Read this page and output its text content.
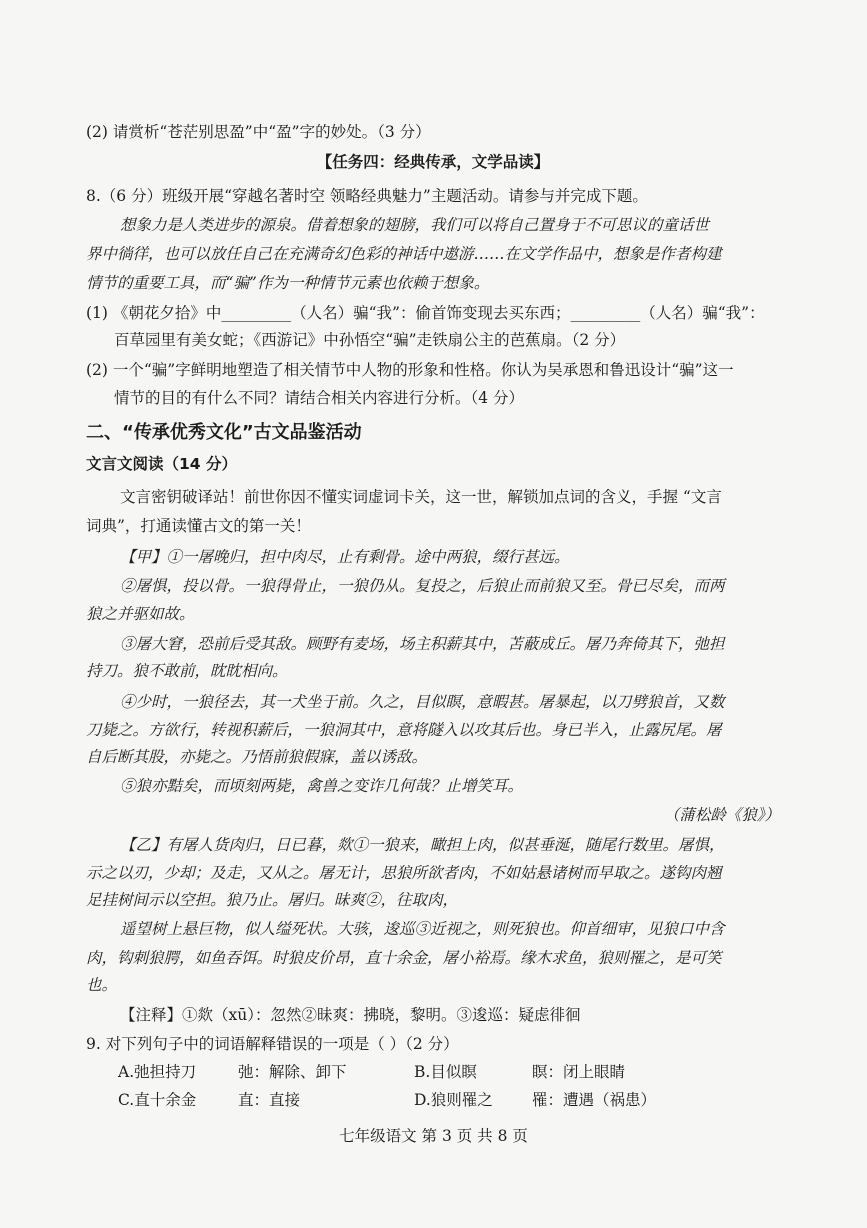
(2) 请赏析“苍茫别思盈”中“盈”字的妙处。（3 分）
【任务四：经典传承，文学品读】
8.（6 分）班级开展“穿越名著时空 领略经典魅力”主题活动。请参与并完成下题。
想象力是人类进步的源泉。借着想象的翅膀，我们可以将自己置身于不可思议的童话世
界中徜徉，也可以放任自己在充满奇幻色彩的神话中遨游……在文学作品中，想象是作者构建
情节的重要工具，而“骗”作为一种情节元素也依赖于想象。
(1) 《朝花夕拾》中_________（人名）骗“我”：偷首饰变现去买东西；_________（人名）骗“我”：
百草园里有美女蛇；《西游记》中孙悟空“骗”走铁扇公主的芭蕉扇。（2 分）
(2) 一个“骗”字鲜明地塑造了相关情节中人物的形象和性格。你认为吴承恩和鲁迅设计“骗”这一
情节的目的有什么不同？请结合相关内容进行分析。（4 分）
二、“传承优秀文化”古文品鉴活动
文言文阅读（14 分）
文言密钥破译站！前世你因不懂实词虚词卡关，这一世，解锁加点词的含义，手握 “文言
词典”，打通读懂古文的第一关！
【甲】①一屠晚归，担中肉尽，止有剩骨。途中两狼，缀行甚远。
②屠惧，投以骨。一狼得骨止，一狼仍从。复投之，后狼止而前狼又至。骨已尽矣，而两
狼之并驱如故。
③屠大窘，恐前后受其敌。顾野有麦场，场主积薪其中，苫蔽成丘。屠乃奔倚其下，弛担
持刀。狼不敢前，眈眈相向。
④少时，一狼径去，其一犬坐于前。久之，目似瞑，意暇甚。屠暴起，以刀劈狼首，又数
刀毙之。方欲行，转视积薪后，一狼洞其中，意将隧入以攻其后也。身已半入，止露尻尾。屠
自后断其股，亦毙之。乃悟前狼假寐，盖以诱敌。
⑤狼亦黠矣，而顷刻两毙，禽兽之变诈几何哉？止增笑耳。
（蒲松龄《狼》）
【乙】有屠人货肉归，日已暮，欻①一狼来，瞰担上肉，似甚垂涎，随尾行数里。屠惧，
示之以刃，少却；及走，又从之。屠无计，思狼所欲者肉，不如姑悬诸树而早取之。遂钩肉翘
足挂树间示以空担。狼乃止。屠归。昧爽②，往取肉，
遥望树上悬巨物，似人缢死状。大骇，逡巡③近视之，则死狼也。仰首细审，见狼口中含
肉，钩刺狼腭，如鱼吞饵。时狼皮价昂，直十余金，屠小裕焉。缘木求鱼，狼则罹之，是可笑
也。
【注释】①欻（xū）：忽然②昧爽：拂晓，黎明。③逡巡：疑虑徘徊
9. 对下列句子中的词语解释错误的一项是（ ）（2 分）
A.弛担持刀	弛：解除、卸下	B.目似瞑	瞑：闭上眼睛
C.直十余金	直：直接	D.狼则罹之	罹：遭遇（祸患）
七年级语文 第 3 页 共 8 页
